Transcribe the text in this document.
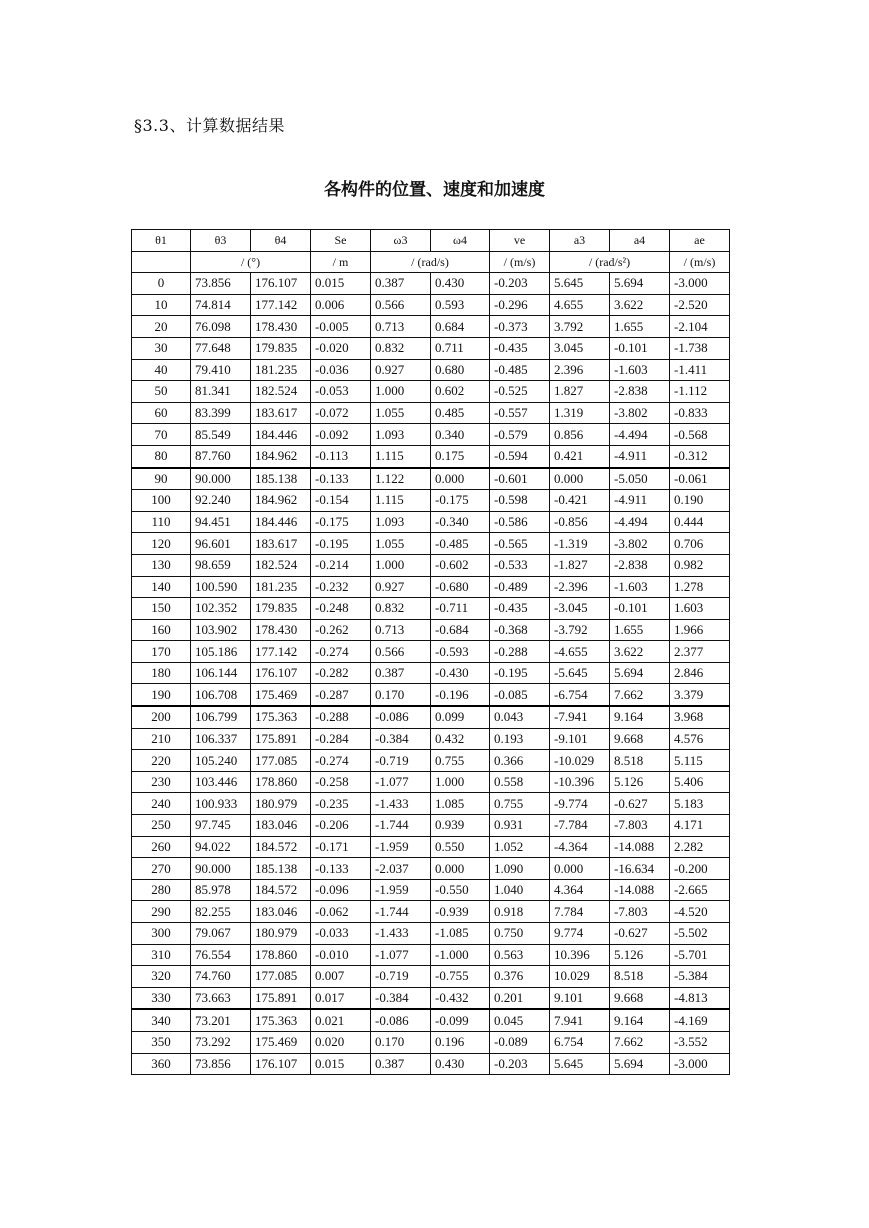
§3.3、计算数据结果
各构件的位置、速度和加速度
θ1	θ3	θ4	Se	ω3	ω4	ve	a3	a4	ae
	/ (°)		/ m	/ (rad/s)		/ (m/s)	/ (rad/s²)		/ (m/s)
0	73.856	176.107	0.015	0.387	0.430	-0.203	5.645	5.694	-3.000
10	74.814	177.142	0.006	0.566	0.593	-0.296	4.655	3.622	-2.520
20	76.098	178.430	-0.005	0.713	0.684	-0.373	3.792	1.655	-2.104
30	77.648	179.835	-0.020	0.832	0.711	-0.435	3.045	-0.101	-1.738
40	79.410	181.235	-0.036	0.927	0.680	-0.485	2.396	-1.603	-1.411
50	81.341	182.524	-0.053	1.000	0.602	-0.525	1.827	-2.838	-1.112
60	83.399	183.617	-0.072	1.055	0.485	-0.557	1.319	-3.802	-0.833
70	85.549	184.446	-0.092	1.093	0.340	-0.579	0.856	-4.494	-0.568
80	87.760	184.962	-0.113	1.115	0.175	-0.594	0.421	-4.911	-0.312
90	90.000	185.138	-0.133	1.122	0.000	-0.601	0.000	-5.050	-0.061
100	92.240	184.962	-0.154	1.115	-0.175	-0.598	-0.421	-4.911	0.190
110	94.451	184.446	-0.175	1.093	-0.340	-0.586	-0.856	-4.494	0.444
120	96.601	183.617	-0.195	1.055	-0.485	-0.565	-1.319	-3.802	0.706
130	98.659	182.524	-0.214	1.000	-0.602	-0.533	-1.827	-2.838	0.982
140	100.590	181.235	-0.232	0.927	-0.680	-0.489	-2.396	-1.603	1.278
150	102.352	179.835	-0.248	0.832	-0.711	-0.435	-3.045	-0.101	1.603
160	103.902	178.430	-0.262	0.713	-0.684	-0.368	-3.792	1.655	1.966
170	105.186	177.142	-0.274	0.566	-0.593	-0.288	-4.655	3.622	2.377
180	106.144	176.107	-0.282	0.387	-0.430	-0.195	-5.645	5.694	2.846
190	106.708	175.469	-0.287	0.170	-0.196	-0.085	-6.754	7.662	3.379
200	106.799	175.363	-0.288	-0.086	0.099	0.043	-7.941	9.164	3.968
210	106.337	175.891	-0.284	-0.384	0.432	0.193	-9.101	9.668	4.576
220	105.240	177.085	-0.274	-0.719	0.755	0.366	-10.029	8.518	5.115
230	103.446	178.860	-0.258	-1.077	1.000	0.558	-10.396	5.126	5.406
240	100.933	180.979	-0.235	-1.433	1.085	0.755	-9.774	-0.627	5.183
250	97.745	183.046	-0.206	-1.744	0.939	0.931	-7.784	-7.803	4.171
260	94.022	184.572	-0.171	-1.959	0.550	1.052	-4.364	-14.088	2.282
270	90.000	185.138	-0.133	-2.037	0.000	1.090	0.000	-16.634	-0.200
280	85.978	184.572	-0.096	-1.959	-0.550	1.040	4.364	-14.088	-2.665
290	82.255	183.046	-0.062	-1.744	-0.939	0.918	7.784	-7.803	-4.520
300	79.067	180.979	-0.033	-1.433	-1.085	0.750	9.774	-0.627	-5.502
310	76.554	178.860	-0.010	-1.077	-1.000	0.563	10.396	5.126	-5.701
320	74.760	177.085	0.007	-0.719	-0.755	0.376	10.029	8.518	-5.384
330	73.663	175.891	0.017	-0.384	-0.432	0.201	9.101	9.668	-4.813
340	73.201	175.363	0.021	-0.086	-0.099	0.045	7.941	9.164	-4.169
350	73.292	175.469	0.020	0.170	0.196	-0.089	6.754	7.662	-3.552
360	73.856	176.107	0.015	0.387	0.430	-0.203	5.645	5.694	-3.000
